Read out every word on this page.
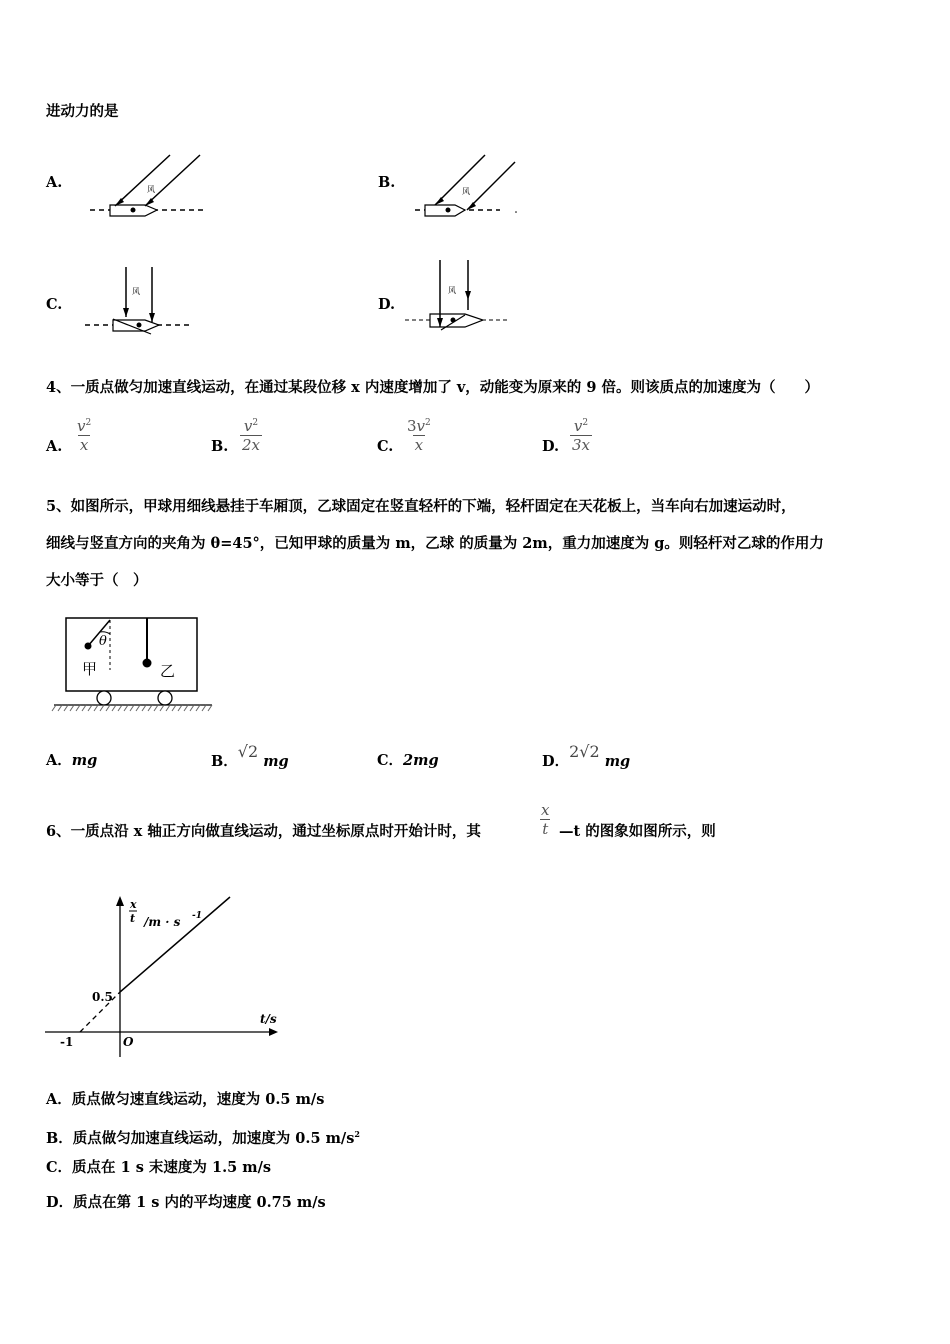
进动力的是
A.	风	B.
风
C.
风
D.
风
4、一质点做匀加速直线运动，在通过某段位移 x 内速度增加了 v，动能变为原来的 9 倍。则该质点的加速度为（　　）
A. $\frac{v^2}{x}$	B. $\frac{v^2}{2x}$	C. $\frac{3v^2}{x}$	D. $\frac{v^2}{3x}$
5、如图所示，甲球用细线悬挂于车厢顶，乙球固定在竖直轻杆的下端，轻杆固定在天花板上，当车向右加速运动时，
细线与竖直方向的夹角为 θ=45°，已知甲球的质量为 m，乙球 的质量为 2m，重力加速度为 g。则轻杆对乙球的作用力
大小等于（　）
θ
甲	乙
A．mg	B．√2 mg	C．2mg	D．2√2 mg
6、一质点沿 x 轴正方向做直线运动，通过坐标原点时开始计时，其	$\frac{x}{t}$ —t 的图象如图所示，则
x
t /m · s -1
t/s
0.5
-1	O
A．质点做匀速直线运动，速度为 0.5 m/s
B．质点做匀加速直线运动，加速度为 0.5 $m/s^2$
C．质点在 1 s 末速度为 1.5 m/s
D．质点在第 1 s 内的平均速度 0.75 m/s
